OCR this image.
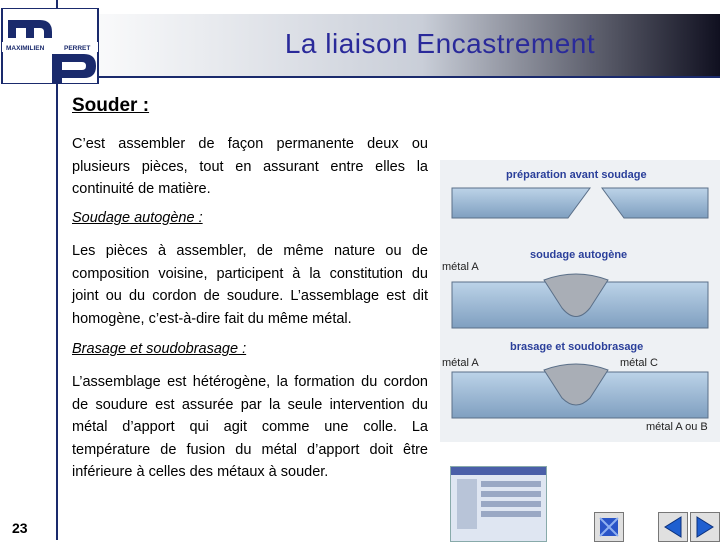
La liaison Encastrement
MAXIMILIEN	PERRET
Souder :
C’est assembler de façon permanente deux ou plusieurs pièces, tout en assurant entre elles la continuité de matière.
Soudage autogène :
Les pièces à assembler, de même nature ou de composition voisine, participent à la constitution du joint ou du cordon de soudure. L’assemblage est dit homogène, c’est-à-dire fait du même métal.
Brasage et soudobrasage :
L’assemblage est hétérogène, la formation du cordon de soudure est assurée par la seule intervention du métal d’apport qui agit comme une colle. La température de fusion du métal d’apport doit être inférieure à celles des métaux à souder.
préparation avant soudage
soudage autogène
métal A
brasage et soudobrasage
métal A	métal C
métal A ou B
23
